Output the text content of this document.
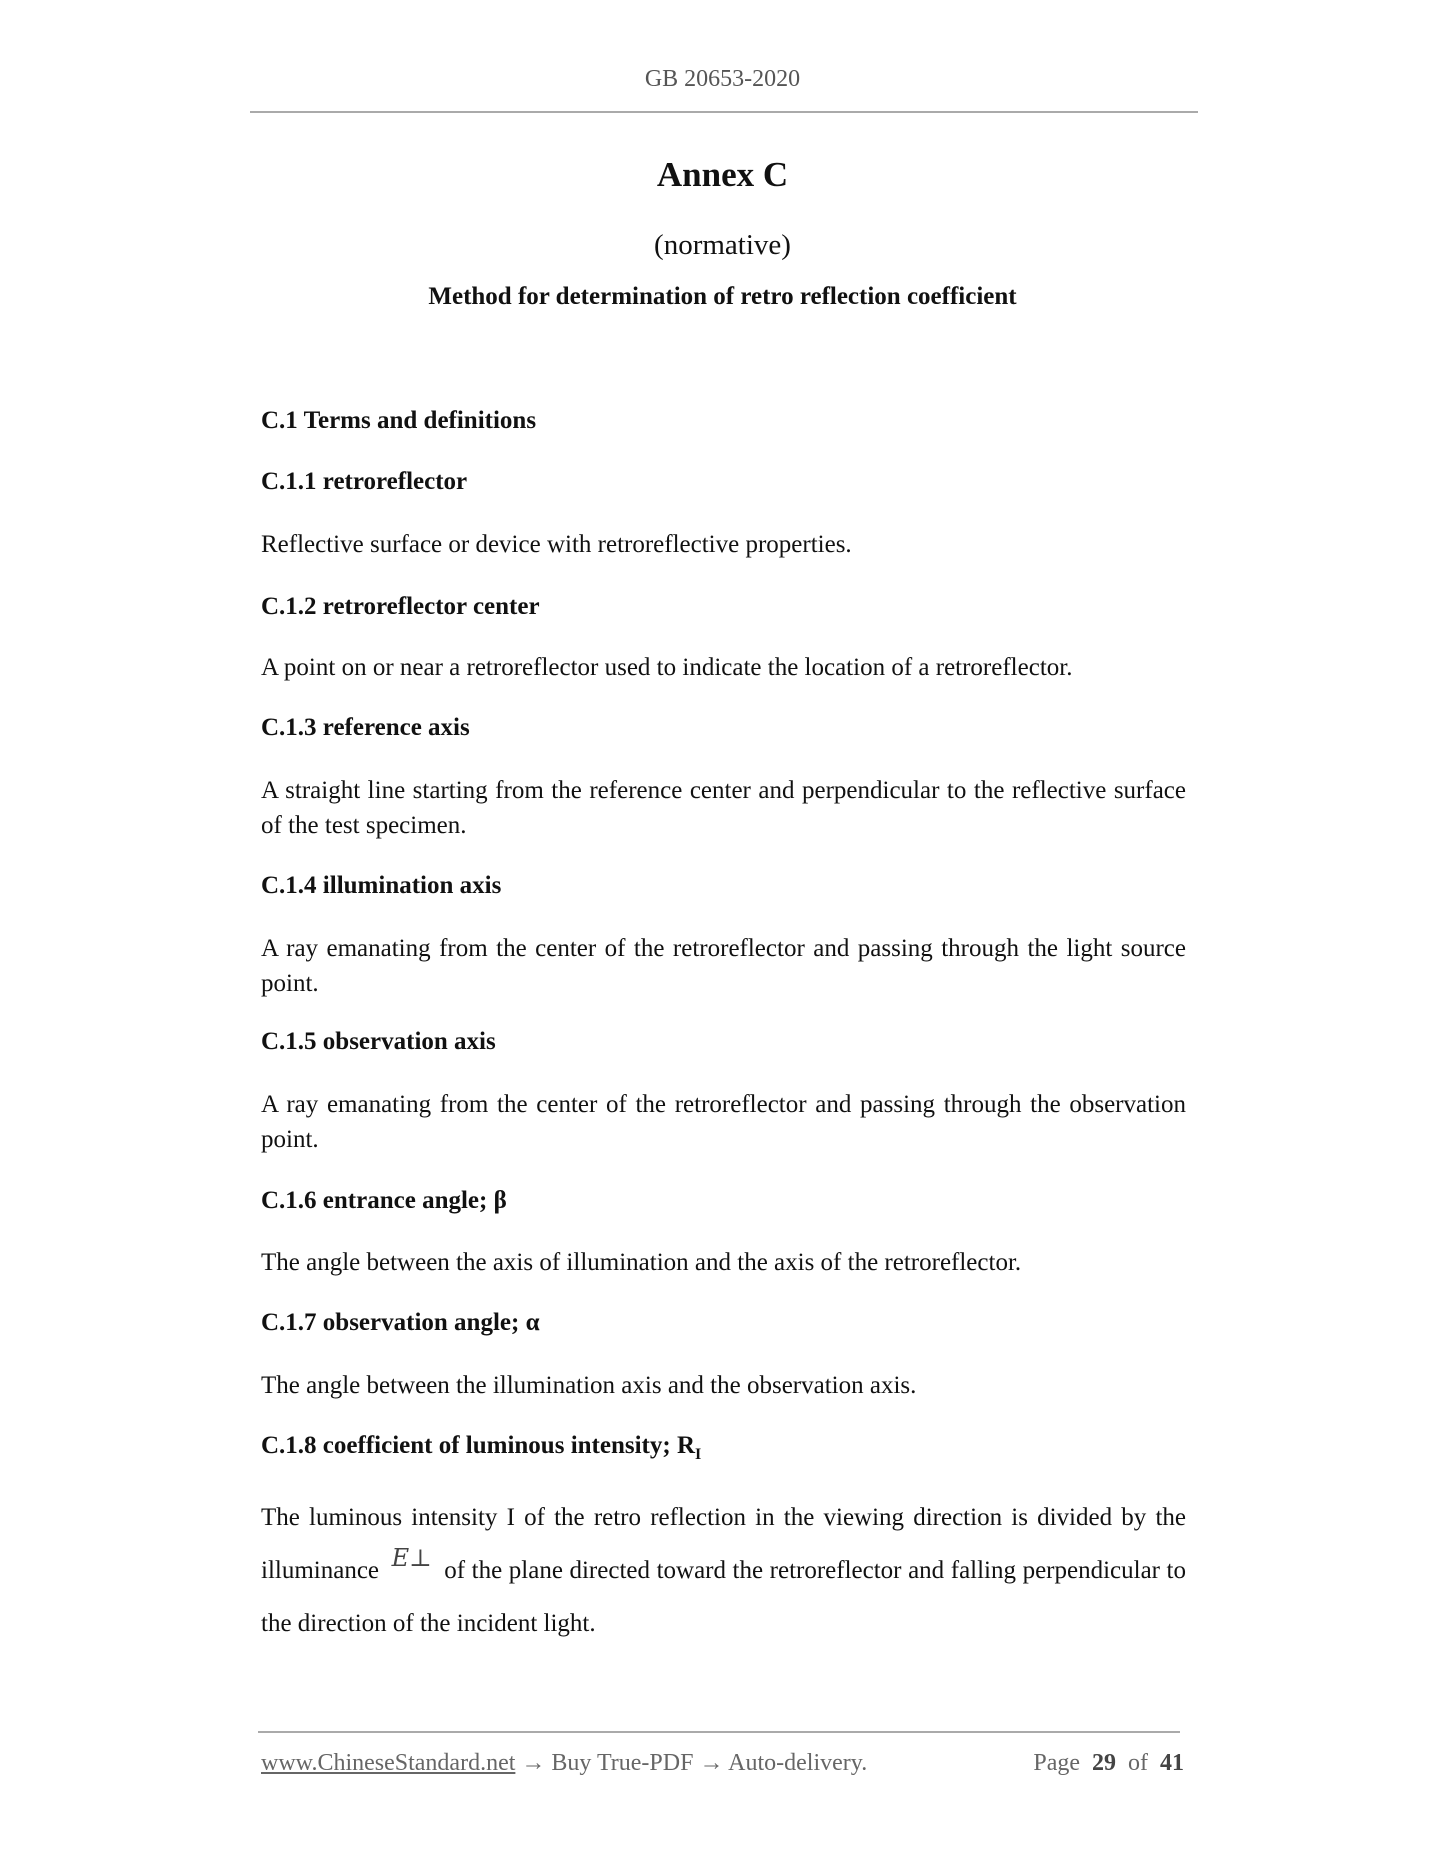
GB 20653-2020
Annex C
(normative)
Method for determination of retro reflection coefficient
C.1 Terms and definitions
C.1.1 retroreflector
Reflective surface or device with retroreflective properties.
C.1.2 retroreflector center
A point on or near a retroreflector used to indicate the location of a retroreflector.
C.1.3 reference axis
A straight line starting from the reference center and perpendicular to the reflective surface of the test specimen.
C.1.4 illumination axis
A ray emanating from the center of the retroreflector and passing through the light source point.
C.1.5 observation axis
A ray emanating from the center of the retroreflector and passing through the observation point.
C.1.6 entrance angle; β
The angle between the axis of illumination and the axis of the retroreflector.
C.1.7 observation angle; α
The angle between the illumination axis and the observation axis.
C.1.8 coefficient of luminous intensity; $R_I$
The luminous intensity I of the retro reflection in the viewing direction is divided by the illuminance E⊥ of the plane directed toward the retroreflector and falling perpendicular to the direction of the incident light.
www.ChineseStandard.net → Buy True-PDF → Auto-delivery.	Page 29 of 41
